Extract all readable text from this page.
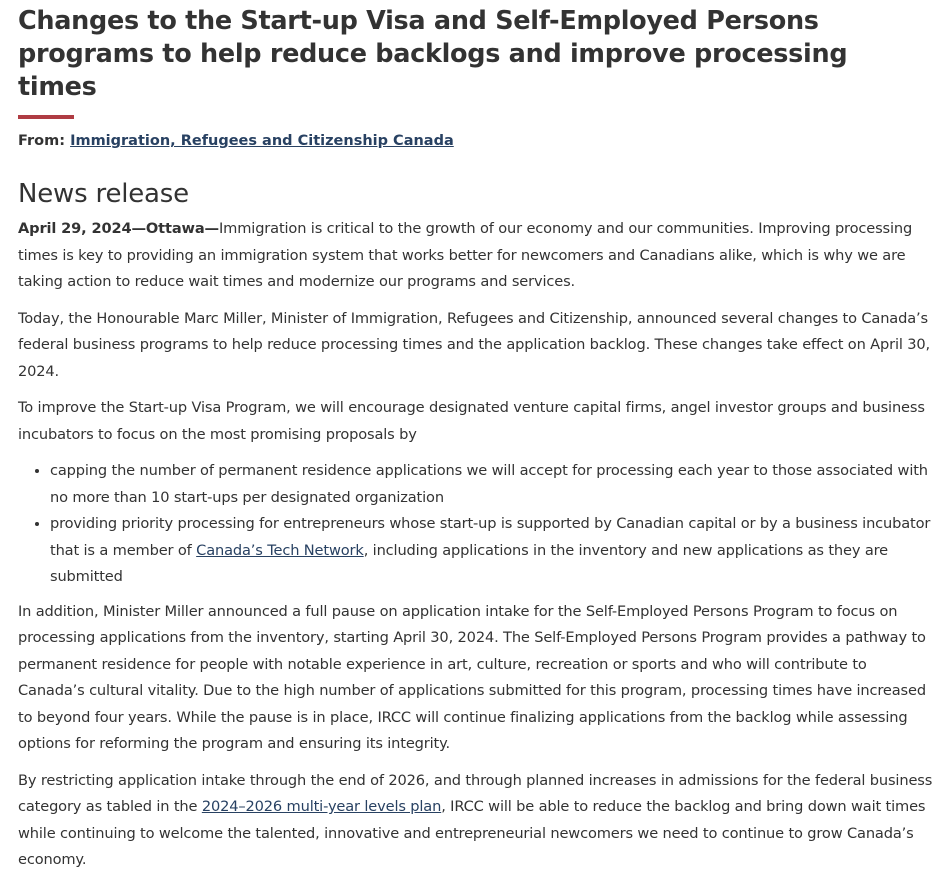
Changes to the Start-up Visa and Self-Employed Persons programs to help reduce backlogs and improve processing times
From: Immigration, Refugees and Citizenship Canada
News release

April 29, 2024—Ottawa—Immigration is critical to the growth of our economy and our communities. Improving processing times is key to providing an immigration system that works better for newcomers and Canadians alike, which is why we are taking action to reduce wait times and modernize our programs and services.

Today, the Honourable Marc Miller, Minister of Immigration, Refugees and Citizenship, announced several changes to Canada’s federal business programs to help reduce processing times and the application backlog. These changes take effect on April 30, 2024.

To improve the Start-up Visa Program, we will encourage designated venture capital firms, angel investor groups and business incubators to focus on the most promising proposals by

• capping the number of permanent residence applications we will accept for processing each year to those associated with no more than 10 start-ups per designated organization
• providing priority processing for entrepreneurs whose start-up is supported by Canadian capital or by a business incubator that is a member of Canada’s Tech Network, including applications in the inventory and new applications as they are submitted

In addition, Minister Miller announced a full pause on application intake for the Self-Employed Persons Program to focus on processing applications from the inventory, starting April 30, 2024. The Self-Employed Persons Program provides a pathway to permanent residence for people with notable experience in art, culture, recreation or sports and who will contribute to Canada’s cultural vitality. Due to the high number of applications submitted for this program, processing times have increased to beyond four years. While the pause is in place, IRCC will continue finalizing applications from the backlog while assessing options for reforming the program and ensuring its integrity.

By restricting application intake through the end of 2026, and through planned increases in admissions for the federal business category as tabled in the 2024–2026 multi-year levels plan, IRCC will be able to reduce the backlog and bring down wait times while continuing to welcome the talented, innovative and entrepreneurial newcomers we need to continue to grow Canada’s economy.
